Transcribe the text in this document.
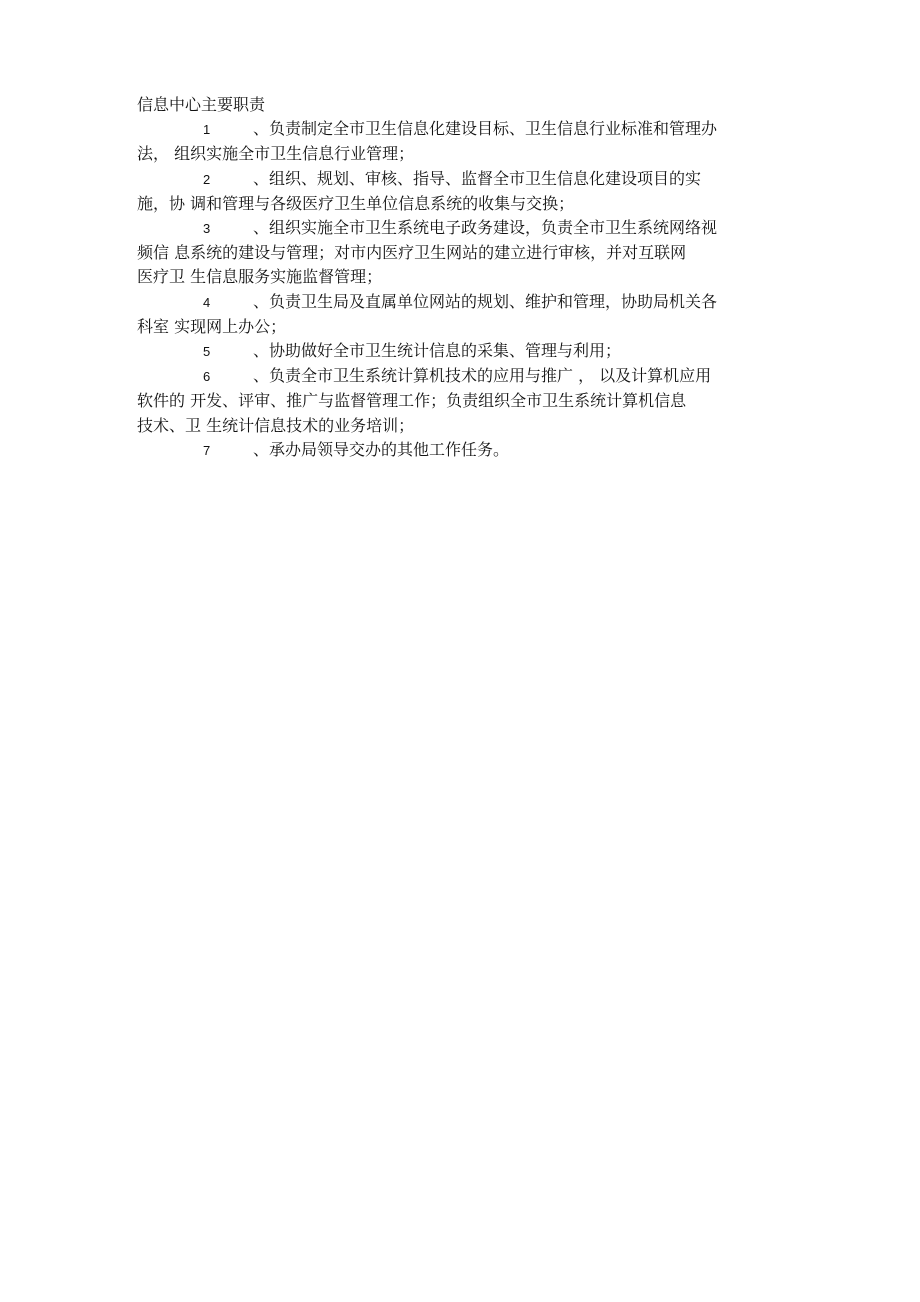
信息中心主要职责
1	、负责制定全市卫生信息化建设目标、卫生信息行业标准和管理办
法， 组织实施全市卫生信息行业管理；
2	、组织、规划、审核、指导、监督全市卫生信息化建设项目的实
施，协 调和管理与各级医疗卫生单位信息系统的收集与交换；
3	、组织实施全市卫生系统电子政务建设，负责全市卫生系统网络视
频信 息系统的建设与管理；对市内医疗卫生网站的建立进行审核，并对互联网
医疗卫 生信息服务实施监督管理；
4	、负责卫生局及直属单位网站的规划、维护和管理，协助局机关各
科室 实现网上办公；
5	、协助做好全市卫生统计信息的采集、管理与利用；
6	、负责全市卫生系统计算机技术的应用与推广 ， 以及计算机应用
软件的 开发、评审、推广与监督管理工作；负责组织全市卫生系统计算机信息
技术、卫 生统计信息技术的业务培训；
7	、承办局领导交办的其他工作任务。
